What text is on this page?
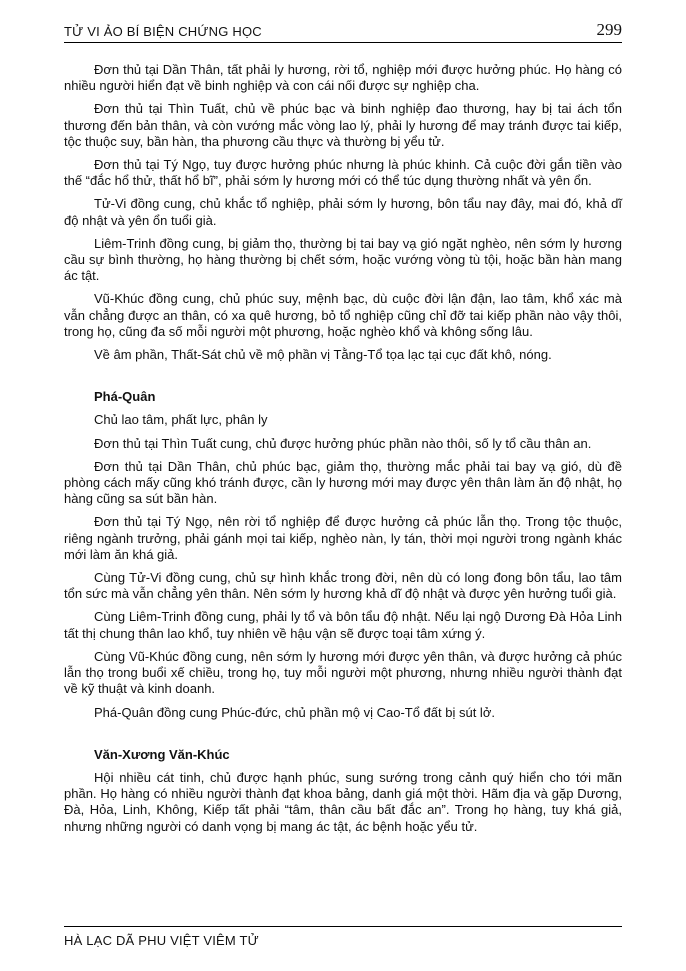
TỬ VI ẢO BÍ BIỆN CHỨNG HỌC	299

Đơn thủ tại Dần Thân, tất phải ly hương, rời tổ, nghiệp mới được hưởng phúc. Họ hàng có nhiều người hiển đạt về binh nghiệp và con cái nối được sự nghiệp cha.

Đơn thủ tại Thìn Tuất, chủ về phúc bạc và binh nghiệp đao thương, hay bị tai ách tổn thương đến bản thân, và còn vướng mắc vòng lao lý, phải ly hương để may tránh được tai kiếp, tộc thuộc suy, bần hàn, tha phương cầu thực và thường bị yểu tử.

Đơn thủ tại Tý Ngọ, tuy được hưởng phúc nhưng là phúc khinh. Cả cuộc đời gắn tiền vào thế “đắc hổ thử, thất hổ bĩ”, phải sớm ly hương mới có thể túc dụng thường nhất và yên ổn.

Tử-Vi đồng cung, chủ khắc tổ nghiệp, phải sớm ly hương, bôn tẩu nay đây, mai đó, khả dĩ độ nhật và yên ổn tuổi già.

Liêm-Trinh đồng cung, bị giảm thọ, thường bị tai bay vạ gió ngặt nghèo, nên sớm ly hương cầu sự bình thường, họ hàng thường bị chết sớm, hoặc vướng vòng tù tội, hoặc bần hàn mang ác tật.

Vũ-Khúc đồng cung, chủ phúc suy, mệnh bạc, dù cuộc đời lận đận, lao tâm, khổ xác mà vẫn chẳng được an thân, có xa quê hương, bỏ tổ nghiệp cũng chỉ đỡ tai kiếp phần nào vậy thôi, trong họ, cũng đa số mỗi người một phương, hoặc nghèo khổ và không sống lâu.

Về âm phần, Thất-Sát chủ về mộ phần vị Tằng-Tổ tọa lạc tại cục đất khô, nóng.

Phá-Quân

Chủ lao tâm, phất lực, phân ly

Đơn thủ tại Thìn Tuất cung, chủ được hưởng phúc phần nào thôi, số ly tổ cầu thân an.

Đơn thủ tại Dần Thân, chủ phúc bạc, giảm thọ, thường mắc phải tai bay vạ gió, dù đề phòng cách mấy cũng khó tránh được, cần ly hương mới may được yên thân làm ăn độ nhật, họ hàng cũng sa sút bần hàn.

Đơn thủ tại Tý Ngọ, nên rời tổ nghiệp để được hưởng cả phúc lẫn thọ. Trong tộc thuộc, riêng ngành trưởng, phải gánh mọi tai kiếp, nghèo nàn, ly tán, thời mọi người trong ngành khác mới làm ăn khá giả.

Cùng Tử-Vi đồng cung, chủ sự hình khắc trong đời, nên dù có long đong bôn tẩu, lao tâm tổn sức mà vẫn chẳng yên thân. Nên sớm ly hương khả dĩ độ nhật và được yên hưởng tuổi già.

Cùng Liêm-Trinh đồng cung, phải ly tổ và bôn tẩu độ nhật. Nếu lại ngộ Dương Đà Hỏa Linh tất thị chung thân lao khổ, tuy nhiên về hậu vận sẽ được toại tâm xứng ý.

Cùng Vũ-Khúc đồng cung, nên sớm ly hương mới được yên thân, và được hưởng cả phúc lẫn thọ trong buổi xế chiều, trong họ, tuy mỗi người một phương, nhưng nhiều người thành đạt về kỹ thuật và kinh doanh.

Phá-Quân đồng cung Phúc-đức, chủ phần mộ vị Cao-Tổ đất bị sút lở.

Văn-Xương Văn-Khúc

Hội nhiều cát tinh, chủ được hạnh phúc, sung sướng trong cảnh quý hiển cho tới mãn phần. Họ hàng có nhiều người thành đạt khoa bảng, danh giá một thời. Hãm địa và gặp Dương, Đà, Hỏa, Linh, Không, Kiếp tất phải “tâm, thân cầu bất đắc an”. Trong họ hàng, tuy khá giả, nhưng những người có danh vọng bị mang ác tật, ác bệnh hoặc yểu tử.

HÀ LẠC DÃ PHU VIỆT VIÊM TỬ
